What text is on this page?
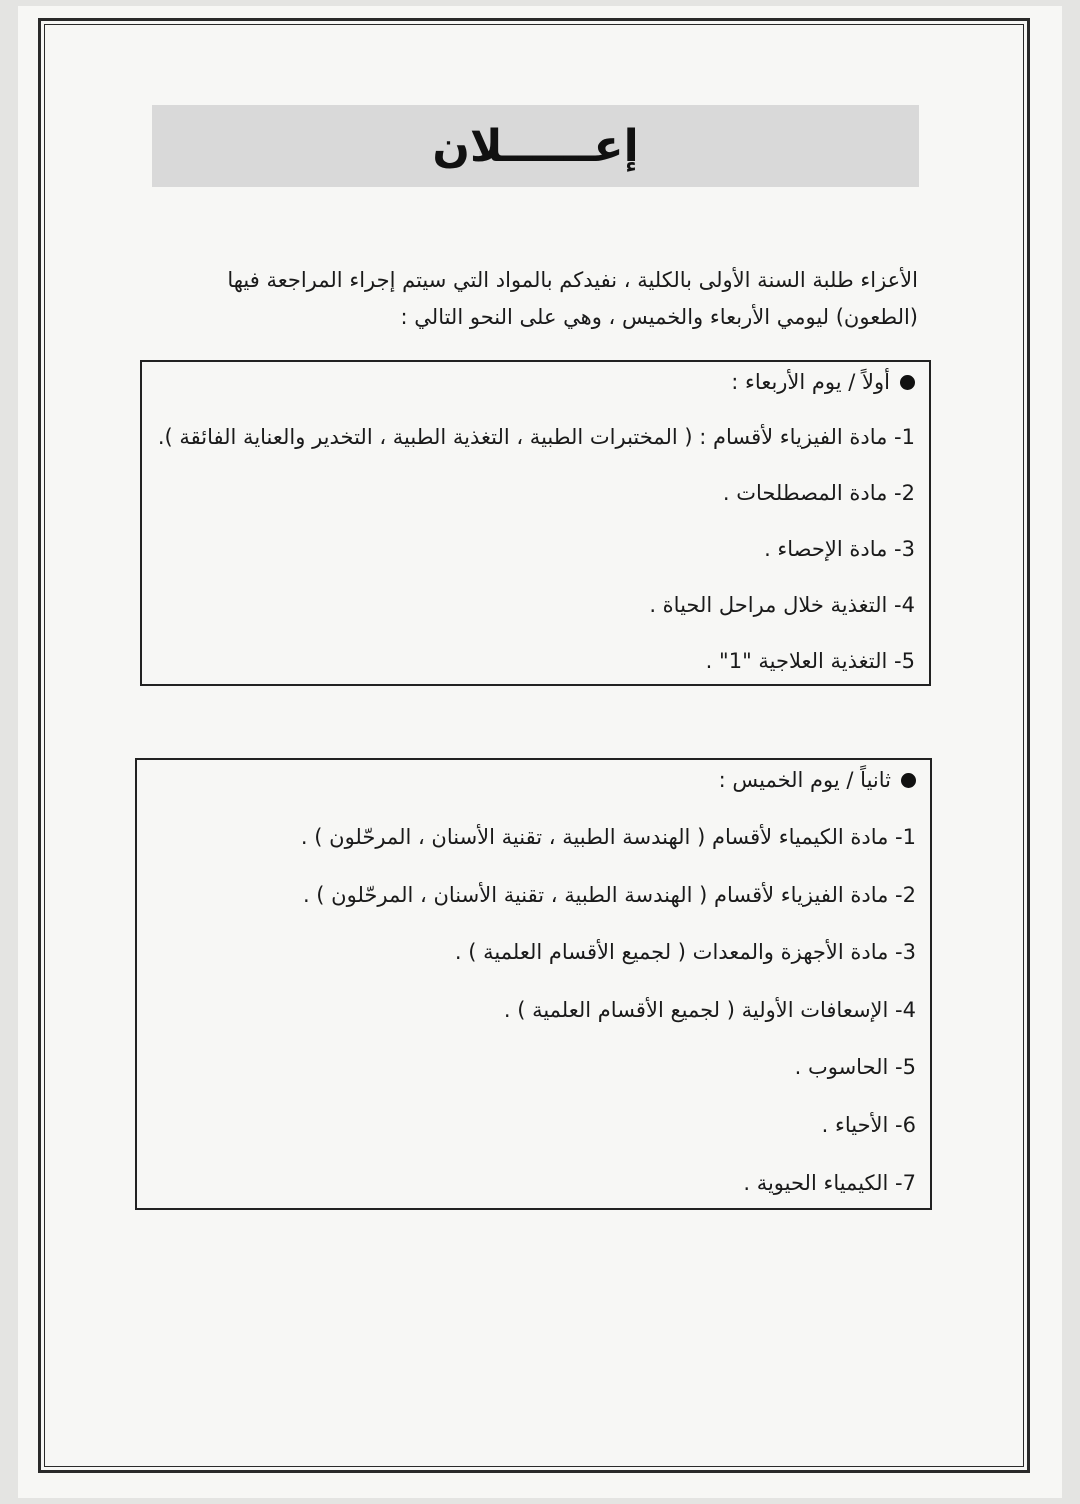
إعــــــلان

الأعزاء طلبة السنة الأولى بالكلية ، نفيدكم بالمواد التي سيتم إجراء المراجعة فيها

(الطعون) ليومي الأربعاء والخميس ، وهي على النحو التالي :

أولاً / يوم الأربعاء :
1- مادة الفيزياء لأقسام : ( المختبرات الطبية ، التغذية الطبية ، التخدير والعناية الفائقة ).
2- مادة المصطلحات .
3- مادة الإحصاء .
4- التغذية خلال مراحل الحياة .
5- التغذية العلاجية "1" .
ثانياً / يوم الخميس :
1- مادة الكيمياء لأقسام ( الهندسة الطبية ، تقنية الأسنان ، المرحّلون ) .
2- مادة الفيزياء لأقسام ( الهندسة الطبية ، تقنية الأسنان ، المرحّلون ) .
3- مادة الأجهزة والمعدات ( لجميع الأقسام العلمية ) .
4- الإسعافات الأولية ( لجميع الأقسام العلمية ) .
5- الحاسوب .
6- الأحياء .
7- الكيمياء الحيوية .
